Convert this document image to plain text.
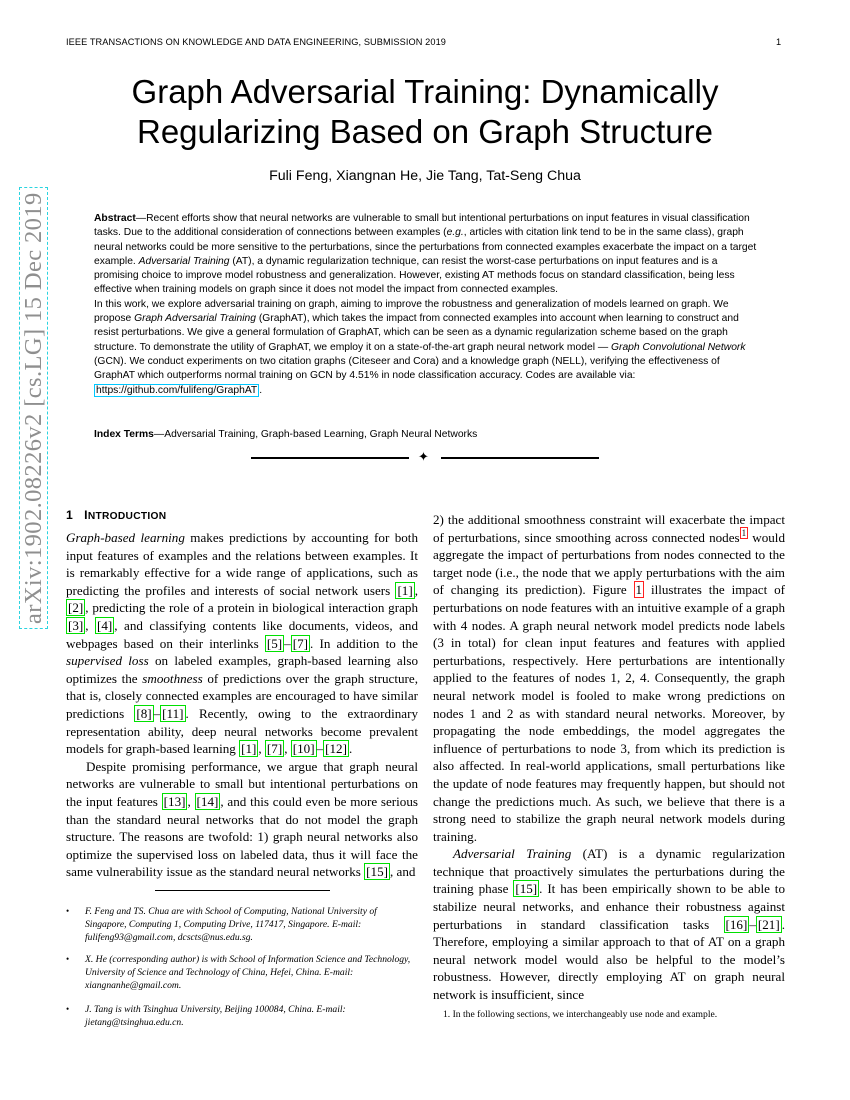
IEEE TRANSACTIONS ON KNOWLEDGE AND DATA ENGINEERING, SUBMISSION 2019	1
arXiv:1902.08226v2 [cs.LG] 15 Dec 2019
Graph Adversarial Training: Dynamically
Regularizing Based on Graph Structure
Fuli Feng, Xiangnan He, Jie Tang, Tat-Seng Chua

Abstract—Recent efforts show that neural networks are vulnerable to small but intentional perturbations on input features in visual classification tasks. Due to the additional consideration of connections between examples (e.g., articles with citation link tend to be in the same class), graph neural networks could be more sensitive to the perturbations, since the perturbations from connected examples exacerbate the impact on a target example. Adversarial Training (AT), a dynamic regularization technique, can resist the worst-case perturbations on input features and is a promising choice to improve model robustness and generalization. However, existing AT methods focus on standard classification, being less effective when training models on graph since it does not model the impact from connected examples.

In this work, we explore adversarial training on graph, aiming to improve the robustness and generalization of models learned on graph. We propose Graph Adversarial Training (GraphAT), which takes the impact from connected examples into account when learning to construct and resist perturbations. We give a general formulation of GraphAT, which can be seen as a dynamic regularization scheme based on the graph structure. To demonstrate the utility of GraphAT, we employ it on a state-of-the-art graph neural network model — Graph Convolutional Network (GCN). We conduct experiments on two citation graphs (Citeseer and Cora) and a knowledge graph (NELL), verifying the effectiveness of GraphAT which outperforms normal training on GCN by 4.51% in node classification accuracy. Codes are available via: https://github.com/fulifeng/GraphAT .

Index Terms—Adversarial Training, Graph-based Learning, Graph Neural Networks
✦
1 INTRODUCTION

Graph-based learning makes predictions by accounting for both input features of examples and the relations between examples. It is remarkably effective for a wide range of applications, such as predicting the profiles and interests of social network users [1] , [2] , predicting the role of a protein in biological interaction graph [3] , [4] , and classifying contents like documents, videos, and webpages based on their interlinks [5] – [7] . In addition to the supervised loss on labeled examples, graph-based learning also optimizes the smoothness of predictions over the graph structure, that is, closely connected examples are encouraged to have similar predictions [8] – [11] . Recently, owing to the extraordinary representation ability, deep neural networks become prevalent models for graph-based learning [1] , [7] , [10] – [12] .

Despite promising performance, we argue that graph neural networks are vulnerable to small but intentional perturbations on the input features [13] , [14] , and this could even be more serious than the standard neural networks that do not model the graph structure. The reasons are twofold: 1) graph neural networks also optimize the supervised loss on labeled data, thus it will face the same vulnerability issue as the standard neural networks [15] , and

2) the additional smoothness constraint will exacerbate the impact of perturbations, since smoothing across connected nodes $^1$ would aggregate the impact of perturbations from nodes connected to the target node (i.e., the node that we apply perturbations with the aim of changing its prediction). Figure 1 illustrates the impact of perturbations on node features with an intuitive example of a graph with 4 nodes. A graph neural network model predicts node labels (3 in total) for clean input features and features with applied perturbations, respectively. Here perturbations are intentionally applied to the features of nodes 1, 2, 4. Consequently, the graph neural network model is fooled to make wrong predictions on nodes 1 and 2 as with standard neural networks. Moreover, by propagating the node embeddings, the model aggregates the influence of perturbations to node 3, from which its prediction is also affected. In real-world applications, small perturbations like the update of node features may frequently happen, but should not change the predictions much. As such, we believe that there is a strong need to stabilize the graph neural network models during training.

Adversarial Training (AT) is a dynamic regularization technique that proactively simulates the perturbations during the training phase [15] . It has been empirically shown to be able to stabilize neural networks, and enhance their robustness against perturbations in standard classification tasks [16] – [21] . Therefore, employing a similar approach to that of AT on a graph neural network model would also be helpful to the model’s robustness. However, directly employing AT on graph neural network is insufficient, since

• F. Feng and TS. Chua are with School of Computing, National University of Singapore, Computing 1, Computing Drive, 117417, Singapore. E-mail: fulifeng93@gmail.com, dcscts@nus.edu.sg.
• X. He (corresponding author) is with School of Information Science and Technology, University of Science and Technology of China, Hefei, China. E-mail: xiangnanhe@gmail.com.
• J. Tang is with Tsinghua University, Beijing 100084, China. E-mail: jietang@tsinghua.edu.cn.
1. In the following sections, we interchangeably use node and example.
